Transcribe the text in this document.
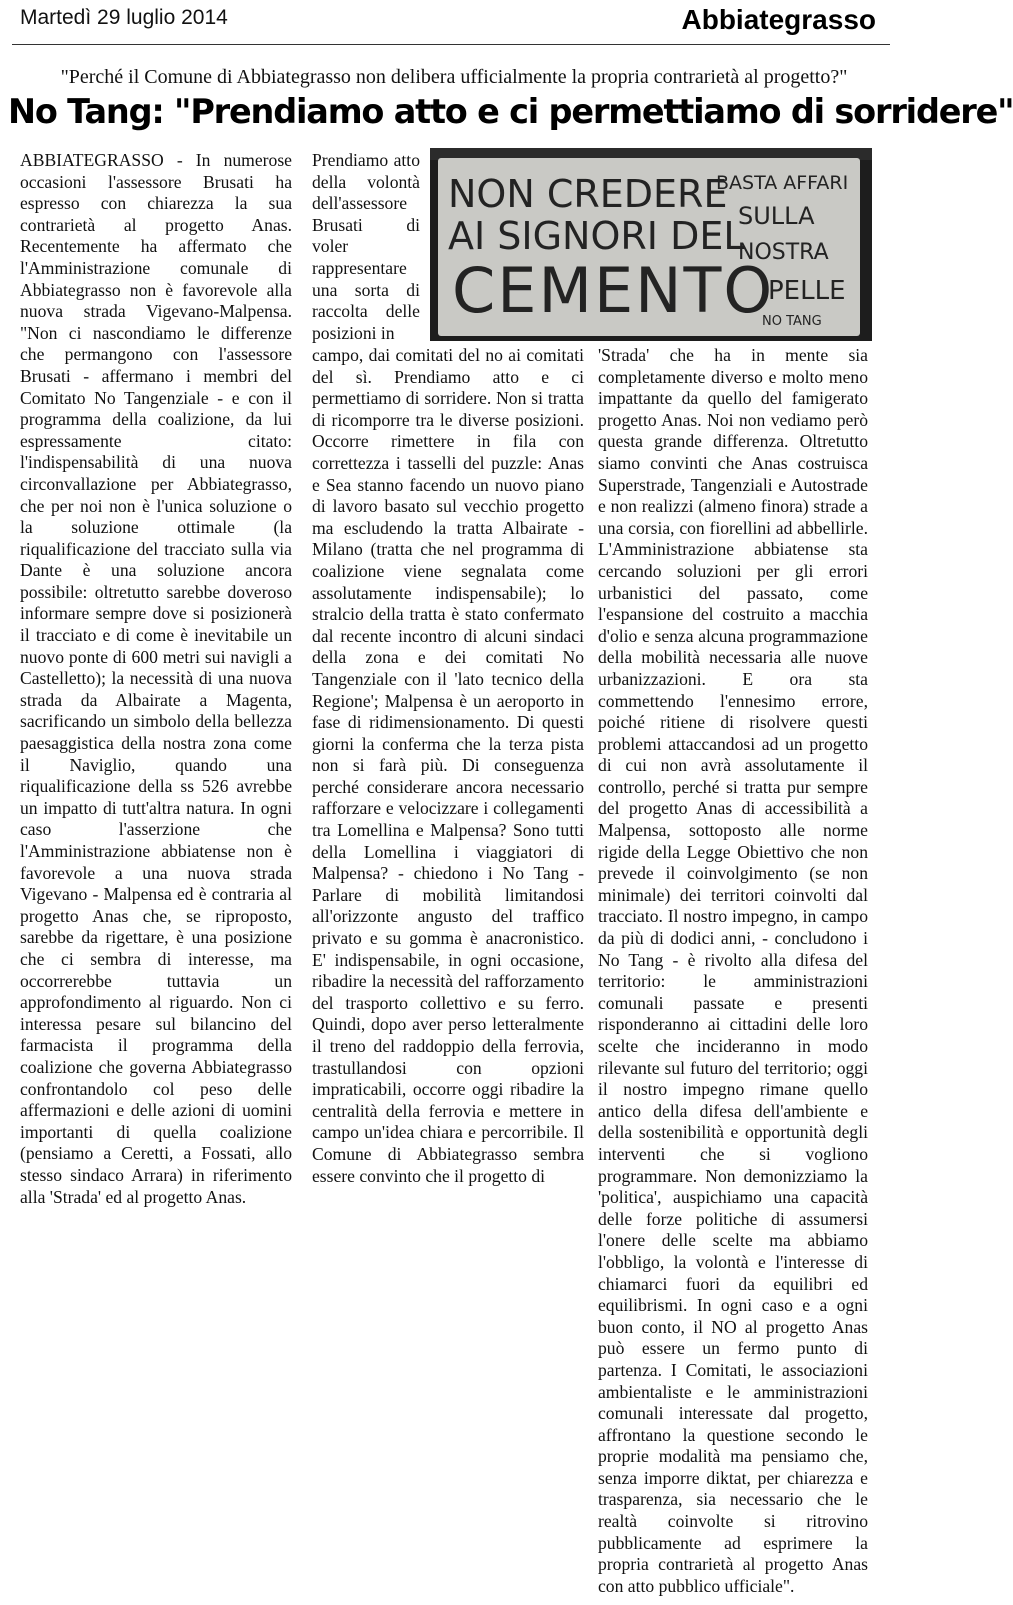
Martedì 29 luglio 2014	Abbiategrasso
"Perché il Comune di Abbiategrasso non delibera ufficialmente la propria contrarietà al progetto?"
No Tang: "Prendiamo atto e ci permettiamo di sorridere"

ABBIATEGRASSO - In numerose occasioni l'assessore Brusati ha espresso con chiarezza la sua contrarietà al progetto Anas. Recentemente ha affermato che l'Amministrazione comunale di Abbiategrasso non è favorevole alla nuova strada Vigevano-Malpensa. "Non ci nascondiamo le differenze che permangono con l'assessore Brusati - affermano i membri del Comitato No Tangenziale - e con il programma della coalizione, da lui espressamente citato: l'indispensabilità di una nuova circonvallazione per Abbiategrasso, che per noi non è l'unica soluzione o la soluzione ottimale (la riqualificazione del tracciato sulla via Dante è una soluzione ancora possibile: oltretutto sarebbe doveroso informare sempre dove si posizionerà il tracciato e di come è inevitabile un nuovo ponte di 600 metri sui navigli a Castelletto); la necessità di una nuova strada da Albairate a Magenta, sacrificando un simbolo della bellezza paesaggistica della nostra zona come il Naviglio, quando una riqualificazione della ss 526 avrebbe un impatto di tutt'altra natura. In ogni caso l'asserzione che l'Amministrazione abbiatense non è favorevole a una nuova strada Vigevano - Malpensa ed è contraria al progetto Anas che, se riproposto, sarebbe da rigettare, è una posizione che ci sembra di interesse, ma occorrerebbe tuttavia un approfondimento al riguardo. Non ci interessa pesare sul bilancino del farmacista il programma della coalizione che governa Abbiategrasso confrontandolo col peso delle affermazioni e delle azioni di uomini importanti di quella coalizione (pensiamo a Ceretti, a Fossati, allo stesso sindaco Arrara) in riferimento alla 'Strada' ed al progetto Anas.

Prendiamo atto della volontà dell'assessore Brusati di voler rappresentare una sorta di raccolta delle posizioni in

NON CREDERE
AI SIGNORI DEL
CEMENTO
BASTA AFFARI
SULLA
NOSTRA
PELLE
NO TANG

campo, dai comitati del no ai comitati del sì. Prendiamo atto e ci permettiamo di sorridere. Non si tratta di ricomporre tra le diverse posizioni. Occorre rimettere in fila con correttezza i tasselli del puzzle: Anas e Sea stanno facendo un nuovo piano di lavoro basato sul vecchio progetto ma escludendo la tratta Albairate - Milano (tratta che nel programma di coalizione viene segnalata come assolutamente indispensabile); lo stralcio della tratta è stato confermato dal recente incontro di alcuni sindaci della zona e dei comitati No Tangenziale con il 'lato tecnico della Regione'; Malpensa è un aeroporto in fase di ridimensionamento. Di questi giorni la conferma che la terza pista non si farà più. Di conseguenza perché considerare ancora necessario rafforzare e velocizzare i collegamenti tra Lomellina e Malpensa? Sono tutti della Lomellina i viaggiatori di Malpensa? - chiedono i No Tang - Parlare di mobilità limitandosi all'orizzonte angusto del traffico privato e su gomma è anacronistico. E' indispensabile, in ogni occasione, ribadire la necessità del rafforzamento del trasporto collettivo e su ferro. Quindi, dopo aver perso letteralmente il treno del raddoppio della ferrovia, trastullandosi con opzioni impraticabili, occorre oggi ribadire la centralità della ferrovia e mettere in campo un'idea chiara e percorribile. Il Comune di Abbiategrasso sembra essere convinto che il progetto di

'Strada' che ha in mente sia completamente diverso e molto meno impattante da quello del famigerato progetto Anas. Noi non vediamo però questa grande differenza. Oltretutto siamo convinti che Anas costruisca Superstrade, Tangenziali e Autostrade e non realizzi (almeno finora) strade a una corsia, con fiorellini ad abbellirle. L'Amministrazione abbiatense sta cercando soluzioni per gli errori urbanistici del passato, come l'espansione del costruito a macchia d'olio e senza alcuna programmazione della mobilità necessaria alle nuove urbanizzazioni. E ora sta commettendo l'ennesimo errore, poiché ritiene di risolvere questi problemi attaccandosi ad un progetto di cui non avrà assolutamente il controllo, perché si tratta pur sempre del progetto Anas di accessibilità a Malpensa, sottoposto alle norme rigide della Legge Obiettivo che non prevede il coinvolgimento (se non minimale) dei territori coinvolti dal tracciato. Il nostro impegno, in campo da più di dodici anni, - concludono i No Tang - è rivolto alla difesa del territorio: le amministrazioni comunali passate e presenti risponderanno ai cittadini delle loro scelte che incideranno in modo rilevante sul futuro del territorio; oggi il nostro impegno rimane quello antico della difesa dell'ambiente e della sostenibilità e opportunità degli interventi che si vogliono programmare. Non demonizziamo la 'politica', auspichiamo una capacità delle forze politiche di assumersi l'onere delle scelte ma abbiamo l'obbligo, la volontà e l'interesse di chiamarci fuori da equilibri ed equilibrismi. In ogni caso e a ogni buon conto, il NO al progetto Anas può essere un fermo punto di partenza. I Comitati, le associazioni ambientaliste e le amministrazioni comunali interessate dal progetto, affrontano la questione secondo le proprie modalità ma pensiamo che, senza imporre diktat, per chiarezza e trasparenza, sia necessario che le realtà coinvolte si ritrovino pubblicamente ad esprimere la propria contrarietà al progetto Anas con atto pubblico ufficiale".
